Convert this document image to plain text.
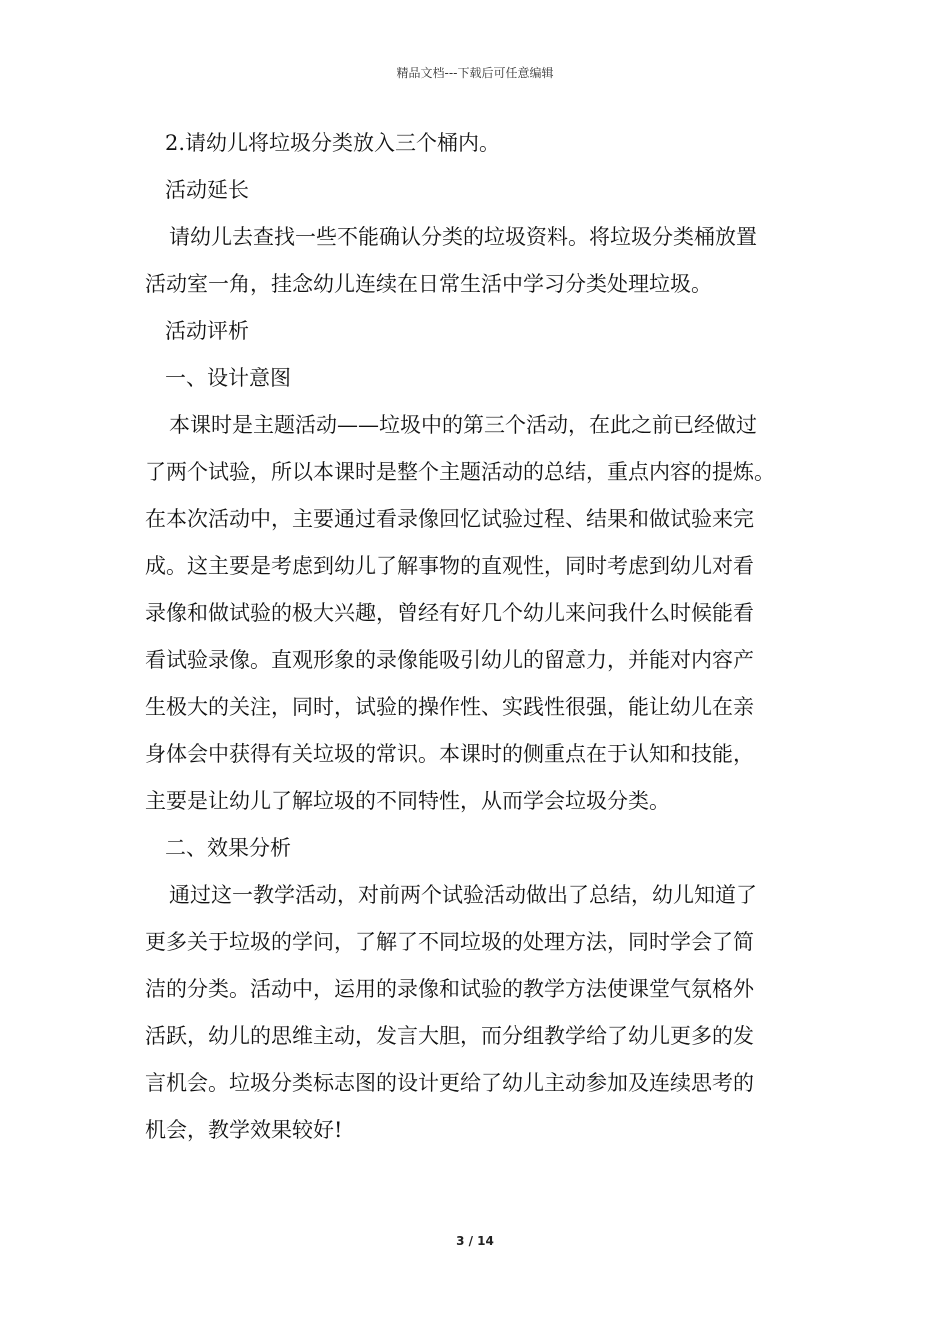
精品文档---下载后可任意编辑
2.请幼儿将垃圾分类放入三个桶内。
活动延长
请幼儿去查找一些不能确认分类的垃圾资料。将垃圾分类桶放置
活动室一角，挂念幼儿连续在日常生活中学习分类处理垃圾。
活动评析
一、设计意图
本课时是主题活动——垃圾中的第三个活动，在此之前已经做过
了两个试验，所以本课时是整个主题活动的总结，重点内容的提炼。
在本次活动中，主要通过看录像回忆试验过程、结果和做试验来完
成。这主要是考虑到幼儿了解事物的直观性，同时考虑到幼儿对看
录像和做试验的极大兴趣，曾经有好几个幼儿来问我什么时候能看
看试验录像。直观形象的录像能吸引幼儿的留意力，并能对内容产
生极大的关注，同时，试验的操作性、实践性很强，能让幼儿在亲
身体会中获得有关垃圾的常识。本课时的侧重点在于认知和技能，
主要是让幼儿了解垃圾的不同特性，从而学会垃圾分类。
二、效果分析
通过这一教学活动，对前两个试验活动做出了总结，幼儿知道了
更多关于垃圾的学问，了解了不同垃圾的处理方法，同时学会了简
洁的分类。活动中，运用的录像和试验的教学方法使课堂气氛格外
活跃，幼儿的思维主动，发言大胆，而分组教学给了幼儿更多的发
言机会。垃圾分类标志图的设计更给了幼儿主动参加及连续思考的
机会，教学效果较好!
3 / 14
